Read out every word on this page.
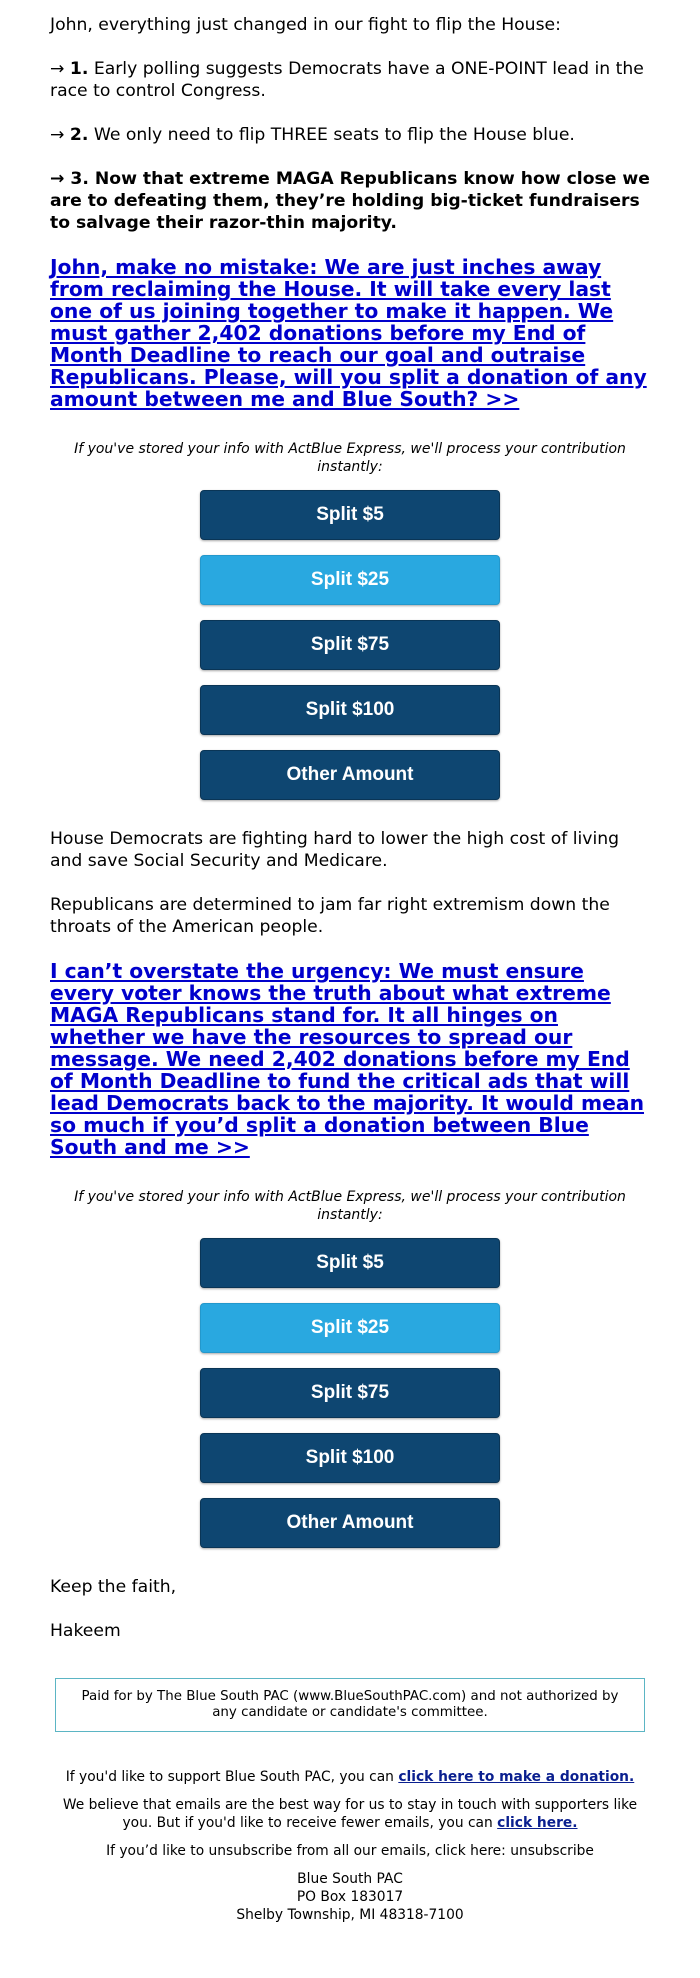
John, everything just changed in our fight to flip the House:

→ 1. Early polling suggests Democrats have a ONE-POINT lead in the race to control Congress.

→ 2. We only need to flip THREE seats to flip the House blue.

→ 3. Now that extreme MAGA Republicans know how close we are to defeating them, they’re holding big-ticket fundraisers to salvage their razor-thin majority.

John, make no mistake: We are just inches away from reclaiming the House. It will take every last one of us joining together to make it happen. We must gather 2,402 donations before my End of Month Deadline to reach our goal and outraise Republicans. Please, will you split a donation of any amount between me and Blue South? >>

If you've stored your info with ActBlue Express, we'll process your contribution instantly:

Split $5
Split $25
Split $75
Split $100
Other Amount

House Democrats are fighting hard to lower the high cost of living and save Social Security and Medicare.

Republicans are determined to jam far right extremism down the throats of the American people.

I can’t overstate the urgency: We must ensure every voter knows the truth about what extreme MAGA Republicans stand for. It all hinges on whether we have the resources to spread our message. We need 2,402 donations before my End of Month Deadline to fund the critical ads that will lead Democrats back to the majority. It would mean so much if you’d split a donation between Blue South and me >>

If you've stored your info with ActBlue Express, we'll process your contribution instantly:

Split $5
Split $25
Split $75
Split $100
Other Amount

Keep the faith,

Hakeem

Paid for by The Blue South PAC (www.BlueSouthPAC.com) and not authorized by any candidate or candidate's committee.

If you'd like to support Blue South PAC, you can click here to make a donation.

We believe that emails are the best way for us to stay in touch with supporters like you. But if you'd like to receive fewer emails, you can click here.

If you’d like to unsubscribe from all our emails, click here: unsubscribe

Blue South PAC

PO Box 183017

Shelby Township, MI 48318-7100
